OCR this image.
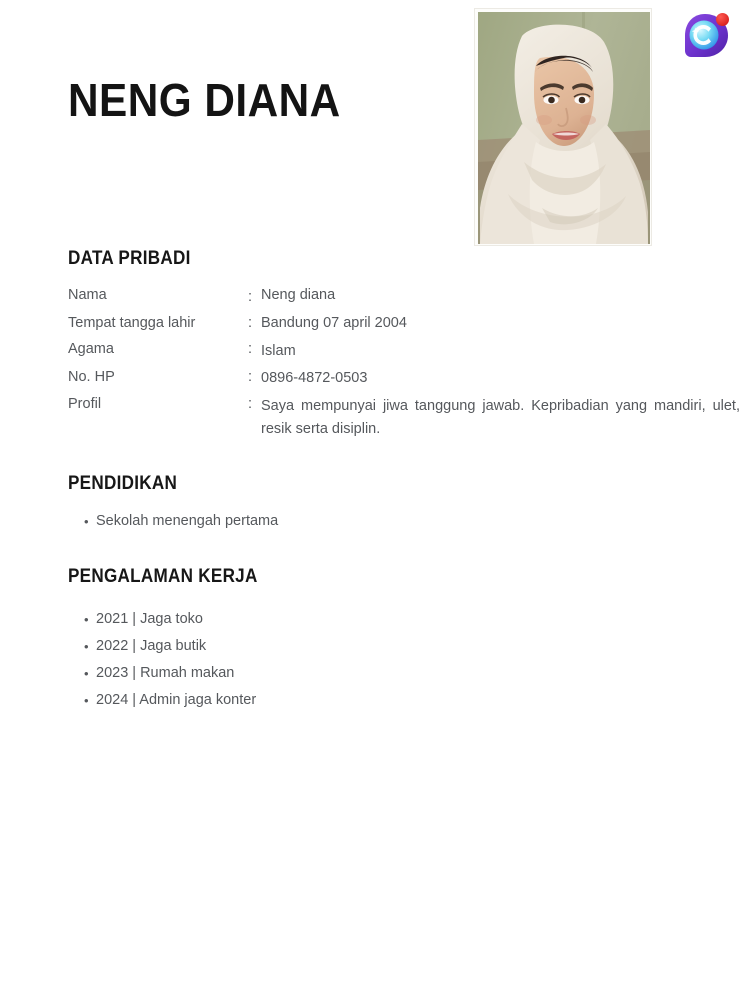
NENG DIANA
DATA PRIBADI
Nama	: Neng diana
Tempat tangga lahir	: Bandung 07 april 2004
Agama	: Islam
No. HP	: 0896-4872-0503
Profil	: Saya mempunyai jiwa tanggung jawab. Kepribadian yang mandiri, ulet, resik serta disiplin.
PENDIDIKAN
• Sekolah menengah pertama
PENGALAMAN KERJA
• 2021 | Jaga toko
• 2022 | Jaga butik
• 2023 | Rumah makan
• 2024 | Admin jaga konter
